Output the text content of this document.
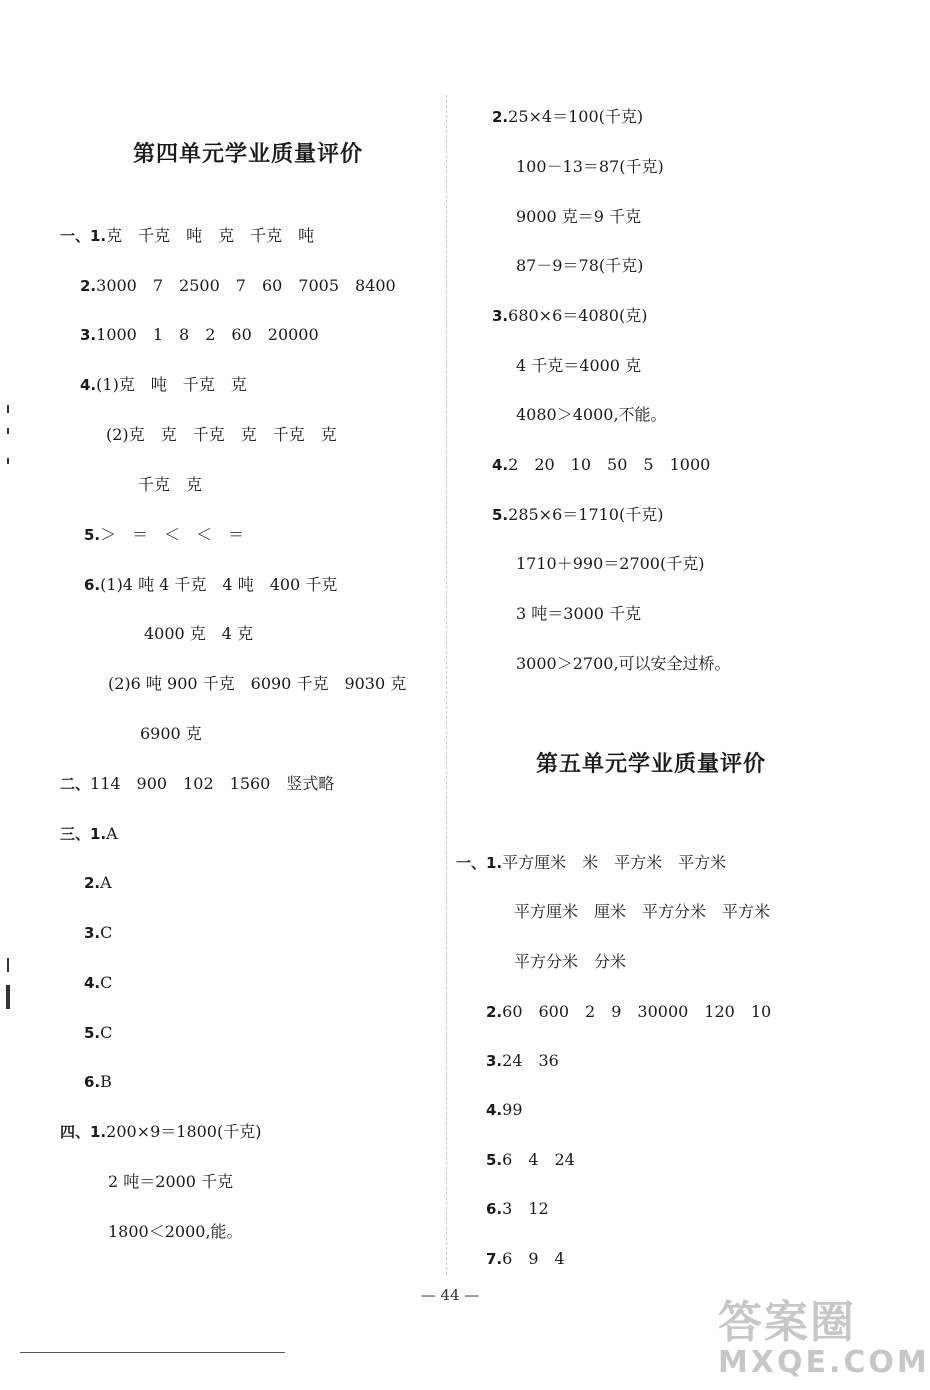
第四单元学业质量评价
一、1.克　千克　吨　克　千克　吨
2.3000　7　2500　7　60　7005　8400
3.1000　1　8　2　60　20000
4.(1)克　吨　千克　克
(2)克　克　千克　克　千克　克
千克　克
5.＞　＝　＜　＜　＝
6.(1)4 吨 4 千克　4 吨　400 千克
4000 克　4 克
(2)6 吨 900 千克　6090 千克　9030 克
6900 克
二、114　900　102　1560　竖式略
三、1.A
2.A
3.C
4.C
5.C
6.B
四、1.200×9＝1800(千克)
2 吨＝2000 千克
1800＜2000,能。
2.25×4＝100(千克)
100－13＝87(千克)
9000 克＝9 千克
87－9＝78(千克)
3.680×6＝4080(克)
4 千克＝4000 克
4080＞4000,不能。
4.2　20　10　50　5　1000
5.285×6＝1710(千克)
1710＋990＝2700(千克)
3 吨＝3000 千克
3000＞2700,可以安全过桥。
第五单元学业质量评价
一、1.平方厘米　米　平方米　平方米
平方厘米　厘米　平方分米　平方米
平方分米　分米
2.60　600　2　9　30000　120　10
3.24　36
4.99
5.6　4　24
6.3　12
7.6　9　4
— 44 —
答案圈
MXQE.COM
